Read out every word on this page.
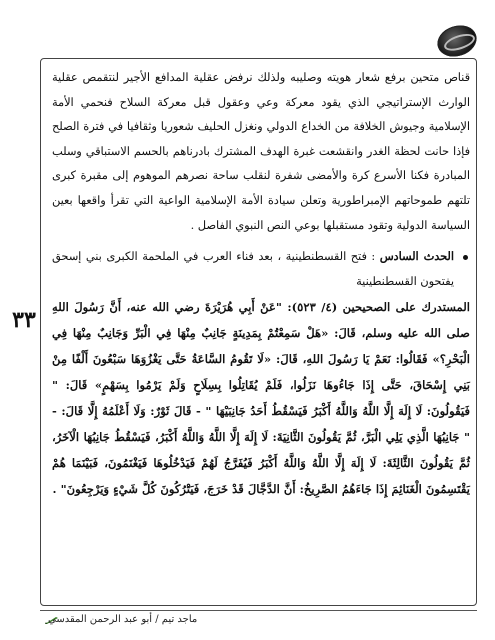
٣٣

قناص متحين برفع شعار هويته وصليبه ولذلك نرفض عقلية المدافع الأجير لنتقمص عقلية الوارث الإستراتيجي الذي يقود معركة وعي وعقول قبل معركة السلاح فنحمي الأمة الإسلامية وجيوش الخلافة من الخداع الدولي ونغزل الحليف شعوريا وثقافيا في فترة الصلح فإذا حانت لحظة الغدر وانقشعت غبرة الهدف المشترك بادرناهم بالحسم الاستباقي وسلب المبادرة فكنا الأسرع كرة والأمضى شفرة لنقلب ساحة نصرهم الموهوم إلى مقبرة كبرى تلتهم طموحاتهم الإمبراطورية وتعلن سيادة الأمة الإسلامية الواعية التي تقرأ واقعها بعين السياسة الدولية وتقود مستقبلها بوعي النص النبوي الفاصل .

الحدث السادس : فتح القسطنطينية ، بعد فناء العرب في الملحمة الكبرى بني إسحق يفتحون القسطنطينية

المستدرك على الصحيحين (٤/ ٥٢٣): "عَنْ أَبِي هُرَيْرَةَ رضي الله عنه، أَنَّ رَسُولَ اللهِ صلى الله عليه وسلم، قَالَ: «هَلْ سَمِعْتُمْ بِمَدِينَةٍ جَانِبٌ مِنْهَا فِي الْبَرِّ وَجَانِبٌ مِنْهَا فِي الْبَحْرِ؟» فَقَالُوا: نَعَمْ يَا رَسُولَ اللهِ، قَالَ: «لَا تَقُومُ السَّاعَةُ حَتَّى يَغْزُوَهَا سَبْعُونَ أَلْفًا مِنْ بَنِي إِسْحَاقَ، حَتَّى إِذَا جَاءُوهَا نَزَلُوا، فَلَمْ يُقَاتِلُوا بِسِلَاحٍ وَلَمْ يَرْمُوا بِسَهْمٍ» قَالَ: " فَيَقُولُونَ: لَا إِلَهَ إِلَّا اللَّهُ وَاللَّهُ أَكْبَرُ فَيَسْقُطُ أَحَدُ جَانِبَيْهَا " - قَالَ ثَوْرٌ: وَلَا أَعْلَمُهُ إِلَّا قَالَ: - " جَانِبُهَا الَّذِي يَلِي الْبَرَّ، ثُمَّ يَقُولُونَ الثَّانِيَةَ: لَا إِلَهَ إِلَّا اللَّهُ وَاللَّهُ أَكْبَرُ، فَيَسْقُطُ جَانِبُهَا الْآخَرُ، ثُمَّ يَقُولُونَ الثَّالِثَةَ: لَا إِلَهَ إِلَّا اللَّهُ وَاللَّهُ أَكْبَرُ فَيُفَرَّجُ لَهُمْ فَيَدْخُلُوهَا فَيَغْنَمُونَ، فَبَيْنَمَا هُمْ يَقْتَسِمُونَ الْغَنَائِمَ إِذَا جَاءَهُمُ الصَّرِيخُ: أَنَّ الدَّجَّالَ قَدْ خَرَجَ، فَيَتْرُكُونَ كُلَّ شَيْءٍ وَيَرْجِعُونَ" .

ماجد تيم / أبو عبد الرحمن المقدسي
